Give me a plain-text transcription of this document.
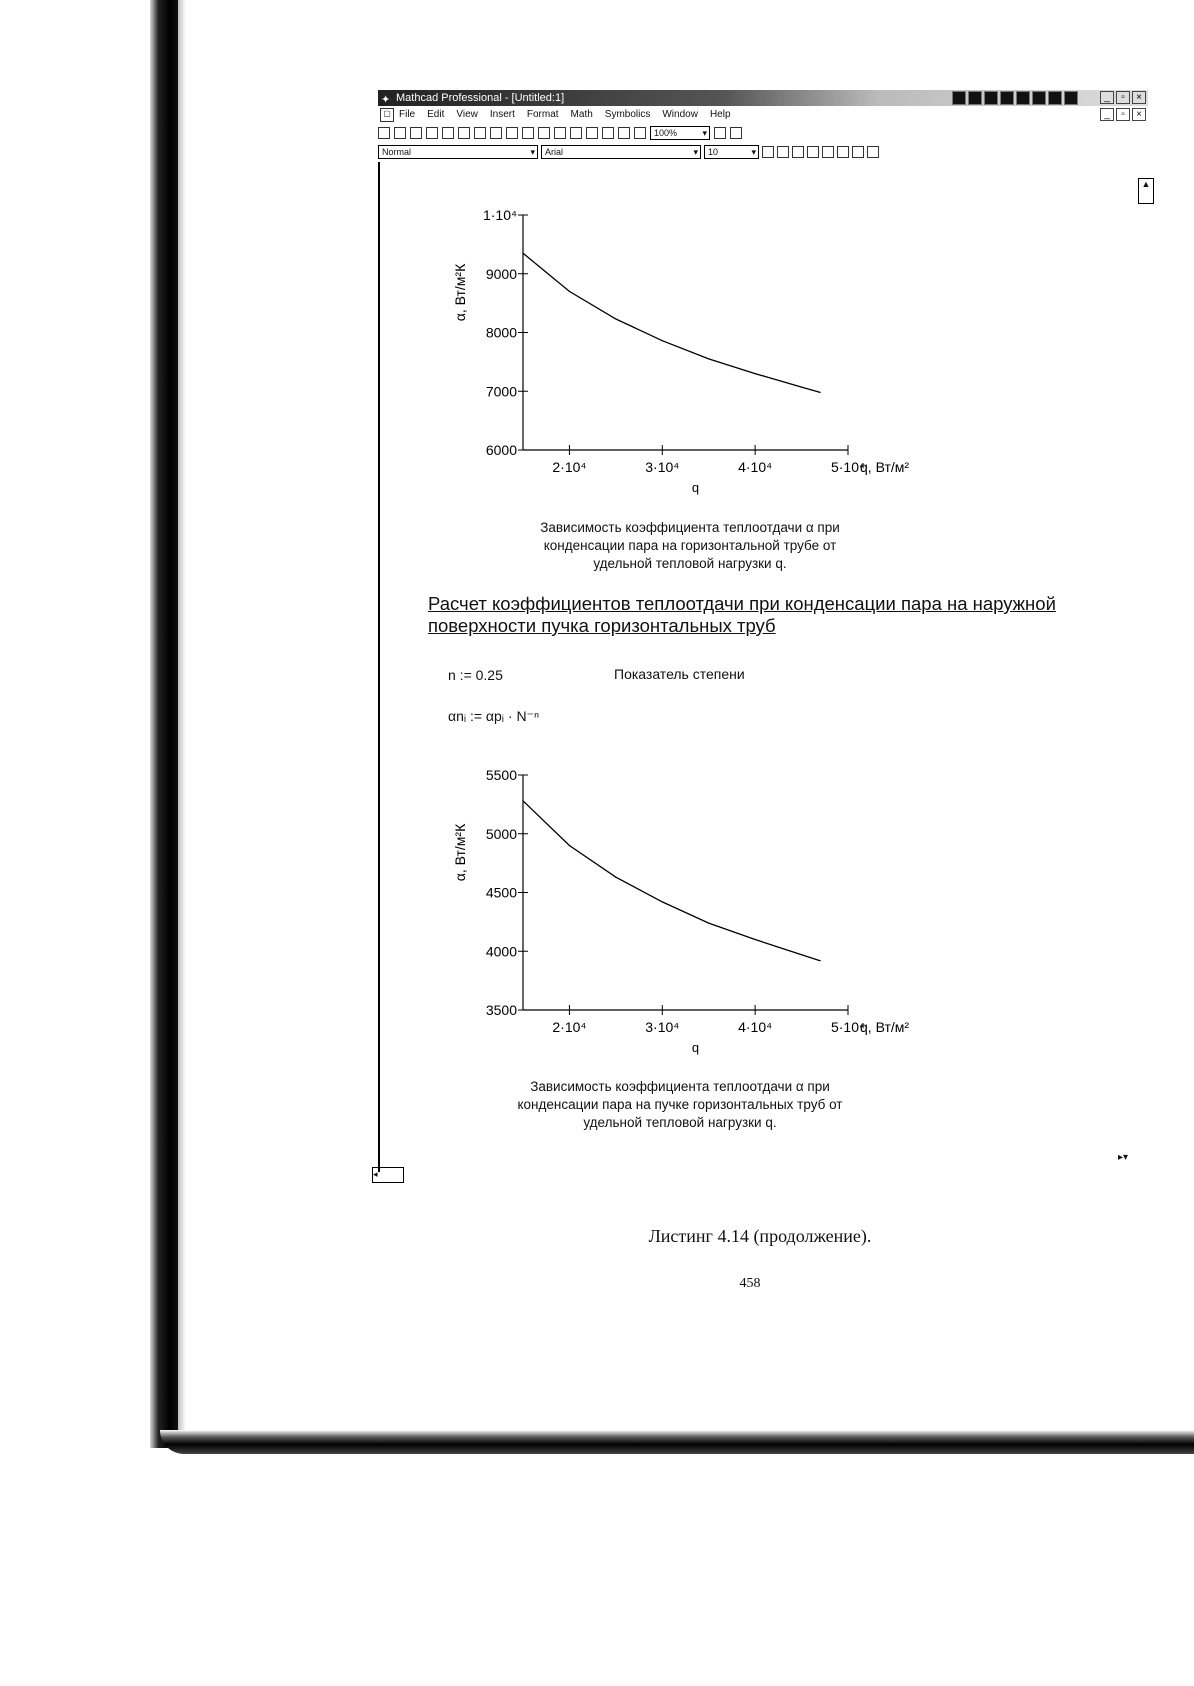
✦ Mathcad Professional - [Untitled:1]	_	▫	×
▢ File Edit View Insert Format Math Symbolics Window Help	_	▫	×
100% ▾
Normal ▾	Arial ▾	10 ▾
▲
◂
▸▾
6000
7000
8000
9000
1·10⁴
2·10⁴	3·10⁴	4·10⁴	5·10⁴
q
q, Вт/м²
α, Вт/м²К
3500
4000
4500
5000
5500
2·10⁴	3·10⁴	4·10⁴	5·10⁴
q
q, Вт/м²
α, Вт/м²К
Зависимость коэффициента теплоотдачи α при
конденсации пара на горизонтальной трубе от
удельной тепловой нагрузки q.
Расчет коэффициентов теплоотдачи при конденсации пара на наружной поверхности пучка горизонтальных труб
n := 0.25	Показатель степени
αnᵢ := αpᵢ · N⁻ⁿ
Зависимость коэффициента теплоотдачи α при
конденсации пара на пучке горизонтальных труб от
удельной тепловой нагрузки q.
Листинг 4.14 (продолжение).
458
